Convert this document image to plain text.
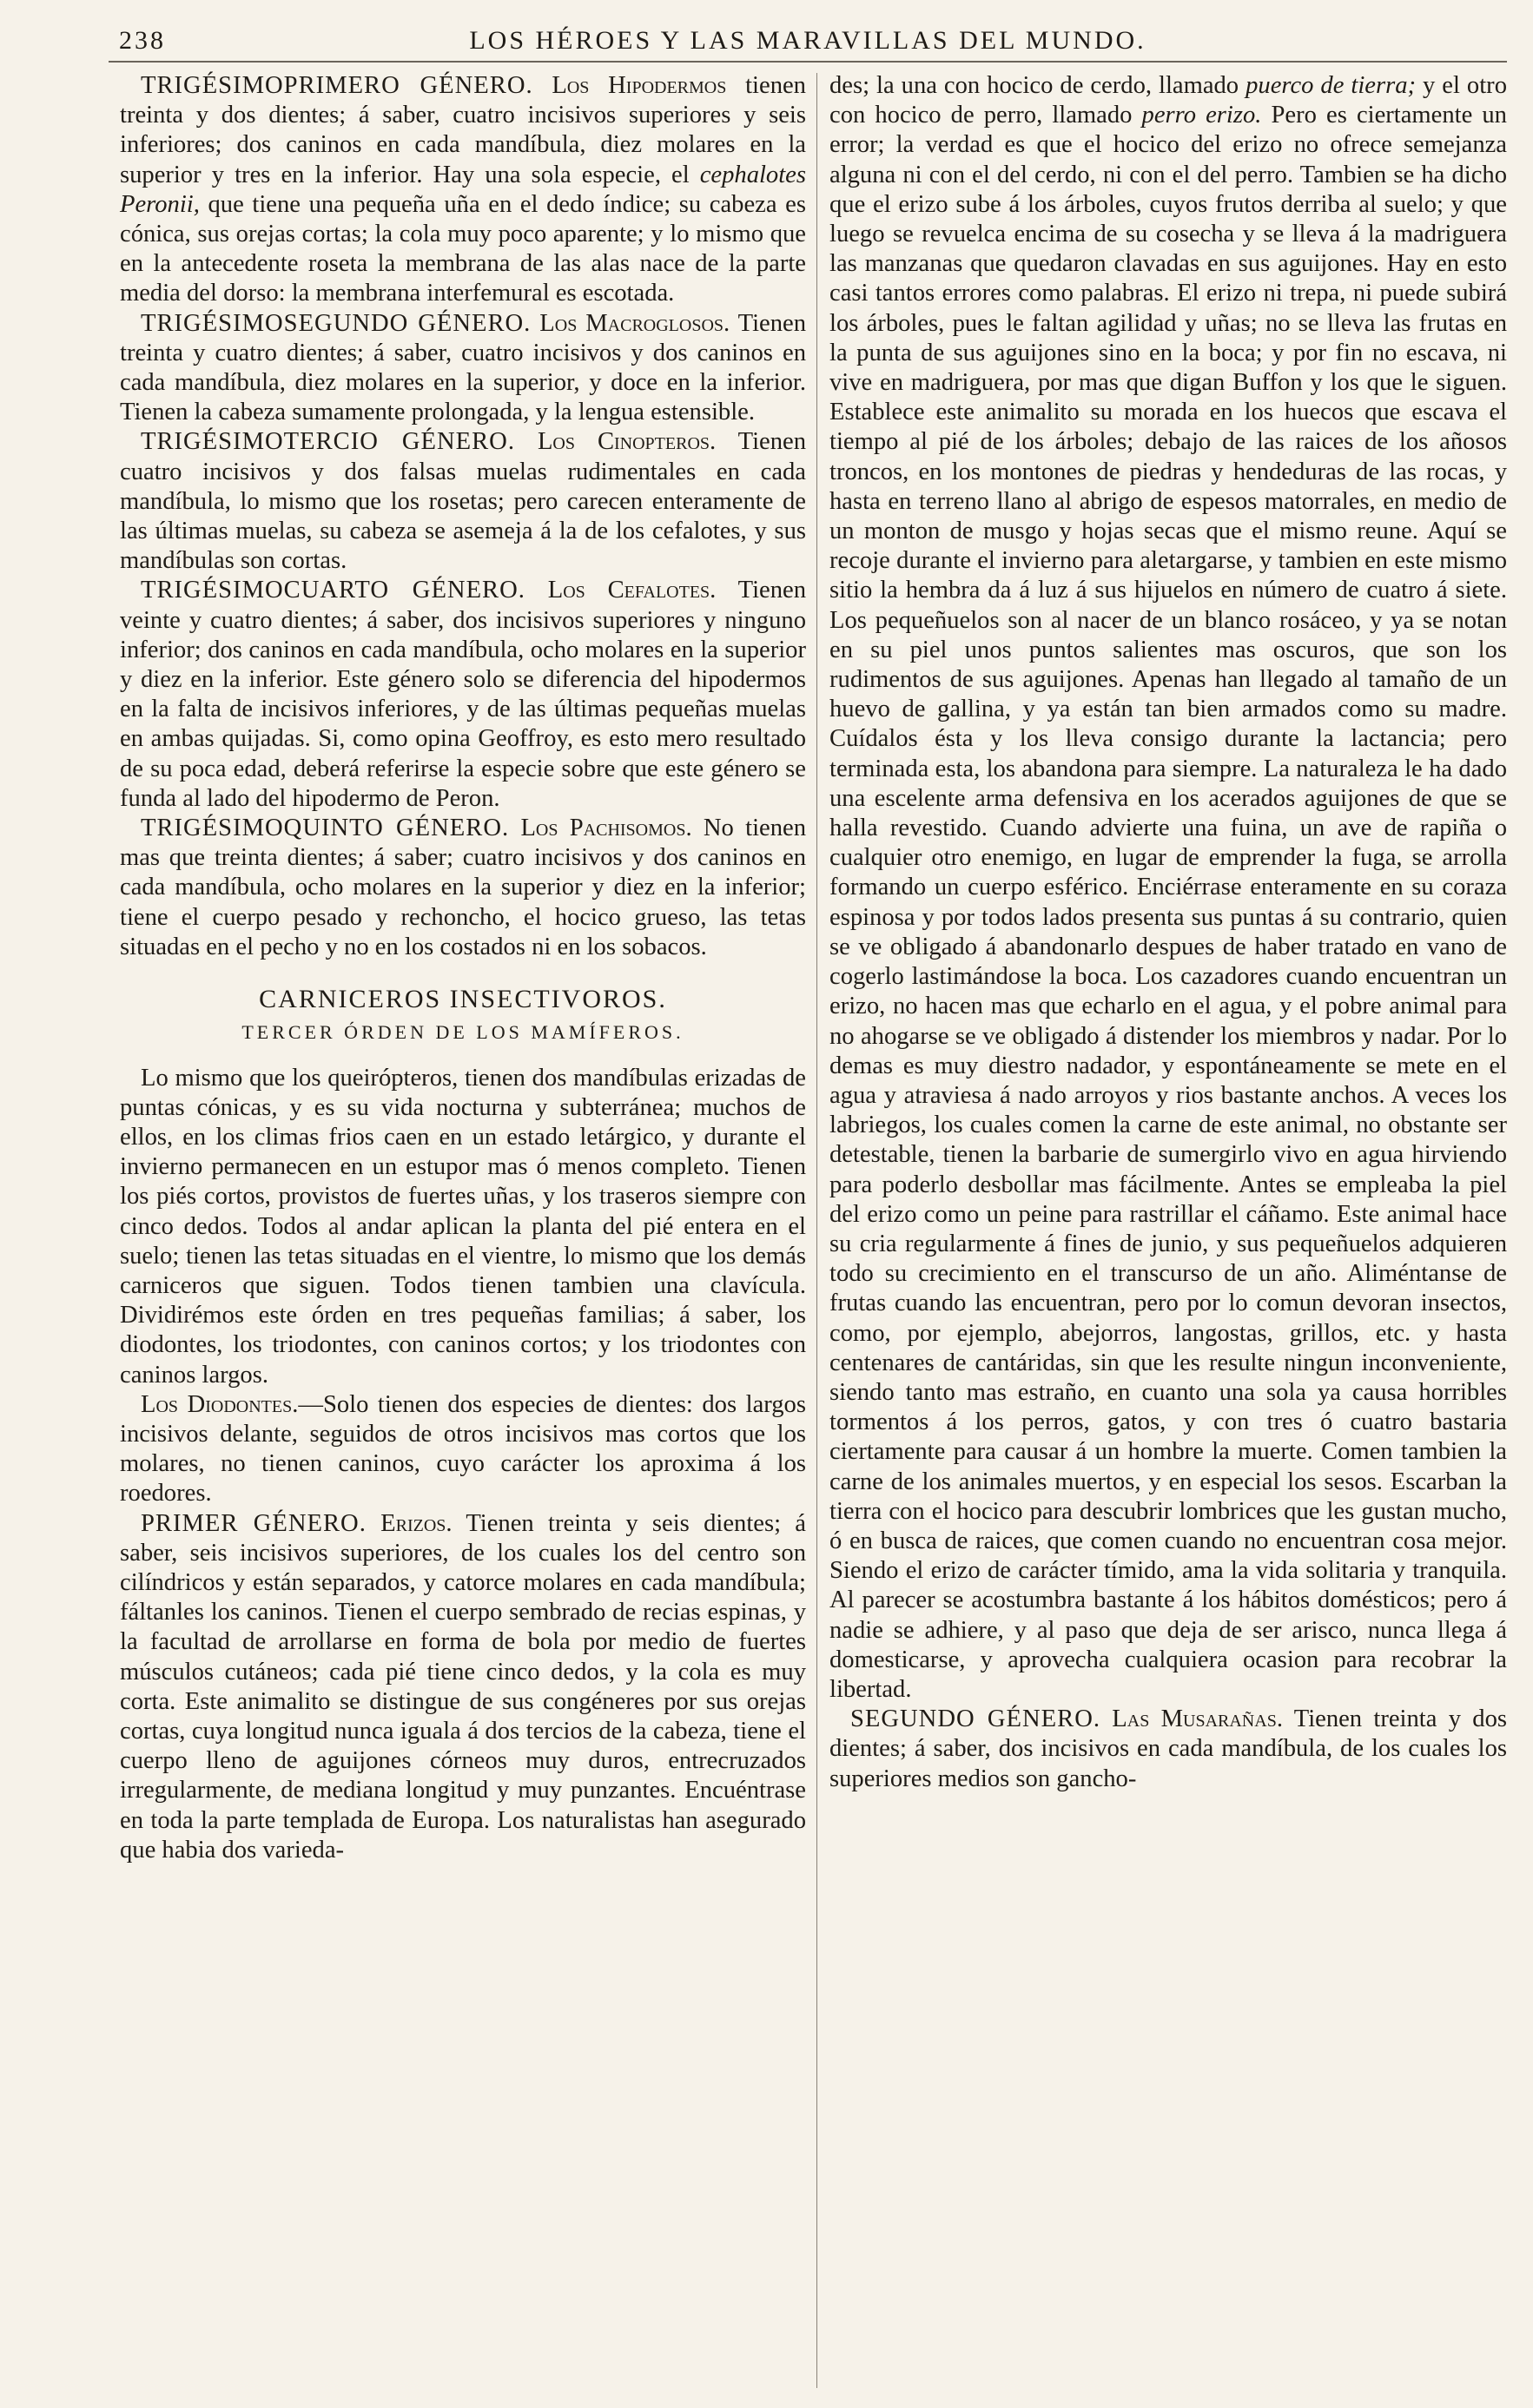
238	LOS HÉROES Y LAS MARAVILLAS DEL MUNDO.

TRIGÉSIMOPRIMERO GÉNERO. Los Hipodermos tienen treinta y dos dientes; á saber, cuatro incisivos superiores y seis inferiores; dos caninos en cada mandíbula, diez molares en la superior y tres en la inferior. Hay una sola especie, el cephalotes Peronii, que tiene una pequeña uña en el dedo índice; su cabeza es cónica, sus orejas cortas; la cola muy poco aparente; y lo mismo que en la antecedente roseta la membrana de las alas nace de la parte media del dorso: la membrana interfemural es escotada.

TRIGÉSIMOSEGUNDO GÉNERO. Los Macroglosos. Tienen treinta y cuatro dientes; á saber, cuatro incisivos y dos caninos en cada mandíbula, diez molares en la superior, y doce en la inferior. Tienen la cabeza sumamente prolongada, y la lengua estensible.

TRIGÉSIMOTERCIO GÉNERO. Los Cinopteros. Tienen cuatro incisivos y dos falsas muelas rudimentales en cada mandíbula, lo mismo que los rosetas; pero carecen enteramente de las últimas muelas, su cabeza se asemeja á la de los cefalotes, y sus mandíbulas son cortas.

TRIGÉSIMOCUARTO GÉNERO. Los Cefalotes. Tienen veinte y cuatro dientes; á saber, dos incisivos superiores y ninguno inferior; dos caninos en cada mandíbula, ocho molares en la superior y diez en la inferior. Este género solo se diferencia del hipodermos en la falta de incisivos inferiores, y de las últimas pequeñas muelas en ambas quijadas. Si, como opina Geoffroy, es esto mero resultado de su poca edad, deberá referirse la especie sobre que este género se funda al lado del hipodermo de Peron.

TRIGÉSIMOQUINTO GÉNERO. Los Pachisomos. No tienen mas que treinta dientes; á saber; cuatro incisivos y dos caninos en cada mandíbula, ocho molares en la superior y diez en la inferior; tiene el cuerpo pesado y rechoncho, el hocico grueso, las tetas situadas en el pecho y no en los costados ni en los sobacos.

CARNICEROS INSECTIVOROS.

TERCER ÓRDEN DE LOS MAMÍFEROS.

Lo mismo que los queirópteros, tienen dos mandíbulas erizadas de puntas cónicas, y es su vida nocturna y subterránea; muchos de ellos, en los climas frios caen en un estado letárgico, y durante el invierno permanecen en un estupor mas ó menos completo. Tienen los piés cortos, provistos de fuertes uñas, y los traseros siempre con cinco dedos. Todos al andar aplican la planta del pié entera en el suelo; tienen las tetas situadas en el vientre, lo mismo que los demás carniceros que siguen. Todos tienen tambien una clavícula. Dividirémos este órden en tres pequeñas familias; á saber, los diodontes, los triodontes, con caninos cortos; y los triodontes con caninos largos.

Los Diodontes.—Solo tienen dos especies de dientes: dos largos incisivos delante, seguidos de otros incisivos mas cortos que los molares, no tienen caninos, cuyo carácter los aproxima á los roedores.

PRIMER GÉNERO. Erizos. Tienen treinta y seis dientes; á saber, seis incisivos superiores, de los cuales los del centro son cilíndricos y están separados, y catorce molares en cada mandíbula; fáltanles los caninos. Tienen el cuerpo sembrado de recias espinas, y la facultad de arrollarse en forma de bola por medio de fuertes músculos cutáneos; cada pié tiene cinco dedos, y la cola es muy corta. Este animalito se distingue de sus congéneres por sus orejas cortas, cuya longitud nunca iguala á dos tercios de la cabeza, tiene el cuerpo lleno de aguijones córneos muy duros, entrecruzados irregularmente, de mediana longitud y muy punzantes. Encuéntrase en toda la parte templada de Europa. Los naturalistas han asegurado que habia dos varieda-

des; la una con hocico de cerdo, llamado puerco de tierra; y el otro con hocico de perro, llamado perro erizo. Pero es ciertamente un error; la verdad es que el hocico del erizo no ofrece semejanza alguna ni con el del cerdo, ni con el del perro. Tambien se ha dicho que el erizo sube á los árboles, cuyos frutos derriba al suelo; y que luego se revuelca encima de su cosecha y se lleva á la madriguera las manzanas que quedaron clavadas en sus aguijones. Hay en esto casi tantos errores como palabras. El erizo ni trepa, ni puede subirá los árboles, pues le faltan agilidad y uñas; no se lleva las frutas en la punta de sus aguijones sino en la boca; y por fin no escava, ni vive en madriguera, por mas que digan Buffon y los que le siguen. Establece este animalito su morada en los huecos que escava el tiempo al pié de los árboles; debajo de las raices de los añosos troncos, en los montones de piedras y hendeduras de las rocas, y hasta en terreno llano al abrigo de espesos matorrales, en medio de un monton de musgo y hojas secas que el mismo reune. Aquí se recoje durante el invierno para aletargarse, y tambien en este mismo sitio la hembra da á luz á sus hijuelos en número de cuatro á siete. Los pequeñuelos son al nacer de un blanco rosáceo, y ya se notan en su piel unos puntos salientes mas oscuros, que son los rudimentos de sus aguijones. Apenas han llegado al tamaño de un huevo de gallina, y ya están tan bien armados como su madre. Cuídalos ésta y los lleva consigo durante la lactancia; pero terminada esta, los abandona para siempre. La naturaleza le ha dado una escelente arma defensiva en los acerados aguijones de que se halla revestido. Cuando advierte una fuina, un ave de rapiña o cualquier otro enemigo, en lugar de emprender la fuga, se arrolla formando un cuerpo esférico. Enciérrase enteramente en su coraza espinosa y por todos lados presenta sus puntas á su contrario, quien se ve obligado á abandonarlo despues de haber tratado en vano de cogerlo lastimándose la boca. Los cazadores cuando encuentran un erizo, no hacen mas que echarlo en el agua, y el pobre animal para no ahogarse se ve obligado á distender los miembros y nadar. Por lo demas es muy diestro nadador, y espontáneamente se mete en el agua y atraviesa á nado arroyos y rios bastante anchos. A veces los labriegos, los cuales comen la carne de este animal, no obstante ser detestable, tienen la barbarie de sumergirlo vivo en agua hirviendo para poderlo desbollar mas fácilmente. Antes se empleaba la piel del erizo como un peine para rastrillar el cáñamo. Este animal hace su cria regularmente á fines de junio, y sus pequeñuelos adquieren todo su crecimiento en el transcurso de un año. Aliméntanse de frutas cuando las encuentran, pero por lo comun devoran insectos, como, por ejemplo, abejorros, langostas, grillos, etc. y hasta centenares de cantáridas, sin que les resulte ningun inconveniente, siendo tanto mas estraño, en cuanto una sola ya causa horribles tormentos á los perros, gatos, y con tres ó cuatro bastaria ciertamente para causar á un hombre la muerte. Comen tambien la carne de los animales muertos, y en especial los sesos. Escarban la tierra con el hocico para descubrir lombrices que les gustan mucho, ó en busca de raices, que comen cuando no encuentran cosa mejor. Siendo el erizo de carácter tímido, ama la vida solitaria y tranquila. Al parecer se acostumbra bastante á los hábitos domésticos; pero á nadie se adhiere, y al paso que deja de ser arisco, nunca llega á domesticarse, y aprovecha cualquiera ocasion para recobrar la libertad.

SEGUNDO GÉNERO. Las Musarañas. Tienen treinta y dos dientes; á saber, dos incisivos en cada mandíbula, de los cuales los superiores medios son gancho-
